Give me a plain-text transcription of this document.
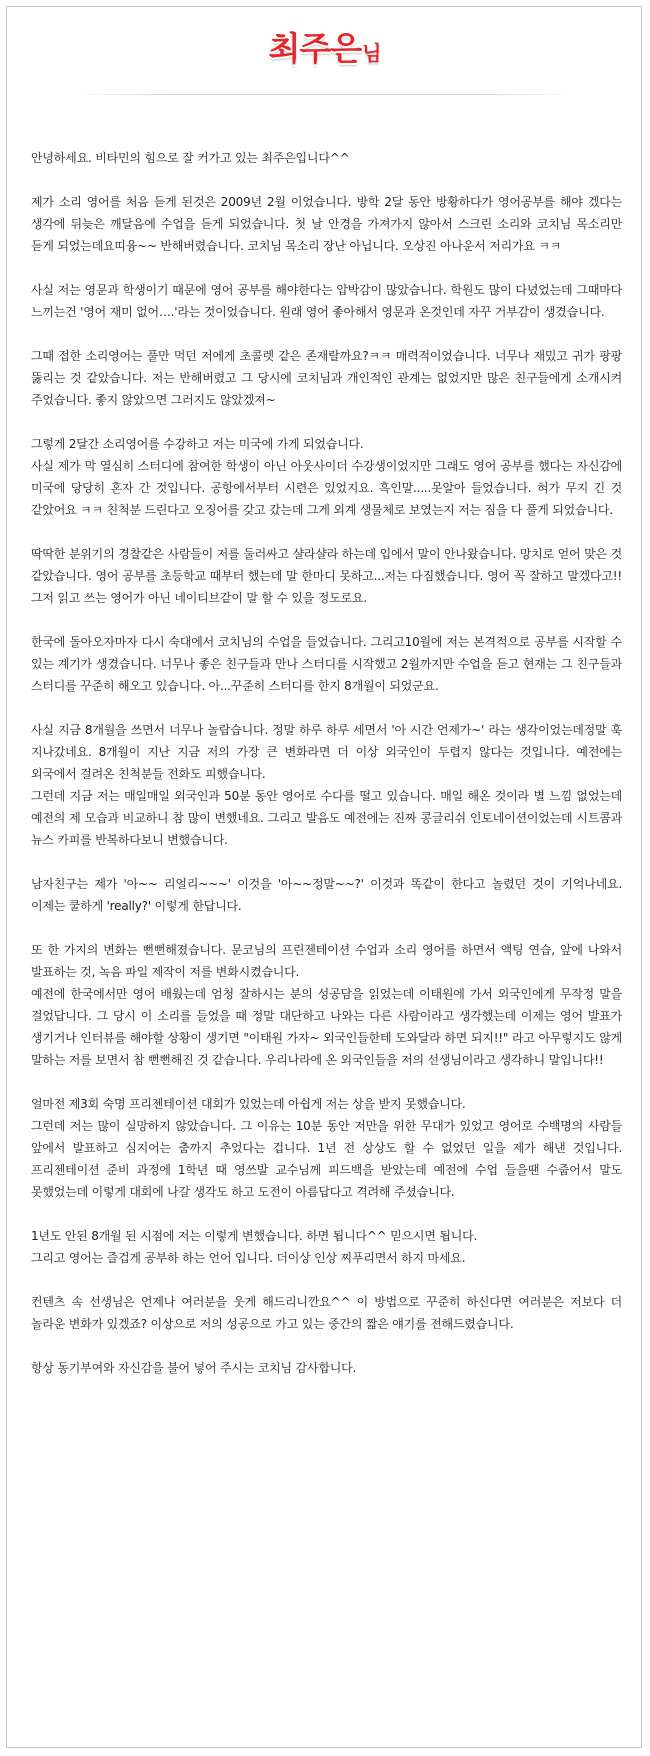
최주은님

안녕하세요. 비타민의 힘으로 잘 커가고 있는 최주은입니다^^

제가 소리 영어를 처음 듣게 된것은 2009년 2월 이었습니다. 방학 2달 동안 방황하다가 영어공부를 해야 겠다는 생각에 뒤늦은 깨달음에 수업을 듣게 되었습니다. 첫 날 안경을 가져가지 않아서 스크린 소리와 코치님 목소리만 듣게 되었는데요띠융~~ 반해버렸습니다. 코치님 목소리 장난 아닙니다. 오상진 아나운서 저리가요 ㅋㅋ

사실 저는 영문과 학생이기 때문에 영어 공부를 해야한다는 압박감이 많았습니다. 학원도 많이 다녔었는데 그때마다 느끼는건 '영어 재미 없어….'라는 것이었습니다. 원래 영어 좋아해서 영문과 온것인데 자꾸 거부감이 생겼습니다.

그때 접한 소리영어는 풀만 먹던 저에게 초콜렛 같은 존재랄까요?ㅋㅋ 매력적이었습니다. 너무나 재밌고 귀가 팡팡 뚫리는 것 같았습니다. 저는 반해버렸고 그 당시에 코치님과 개인적인 관계는 없었지만 많은 친구들에게 소개시켜 주었습니다. 좋지 않았으면 그러지도 않았겠져~

그렇게 2달간 소리영어를 수강하고 저는 미국에 가게 되었습니다.
사실 제가 막 열심히 스터디에 참여한 학생이 아닌 아웃사이더 수강생이었지만 그래도 영어 공부를 했다는 자신감에 미국에 당당히 혼자 간 것입니다. 공항에서부터 시련은 있었지요. 흑인말.....못알아 들었습니다. 혀가 무지 긴 것 같았어요 ㅋㅋ 친척분 드린다고 오징어를 갖고 갔는데 그게 외계 생물체로 보였는지 저는 짐을 다 풀게 되었습니다.

딱딱한 분위기의 경찰같은 사람들이 저를 둘러싸고 샬라샬라 하는데 입에서 말이 안나왔습니다. 망치로 얻어 맞은 것 같았습니다. 영어 공부를 초등학교 때부터 했는데 말 한마디 못하고...저는 다짐했습니다. 영어 꼭 잘하고 말겠다고!! 그저 읽고 쓰는 영어가 아닌 네이티브같이 말 할 수 있을 정도로요.

한국에 돌아오자마자 다시 숙대에서 코치님의 수업을 들었습니다. 그리고10월에 저는 본격적으로 공부를 시작할 수 있는 계기가 생겼습니다. 너무나 좋은 친구들과 만나 스터디를 시작했고 2월까지만 수업을 듣고 현재는 그 친구들과 스터디를 꾸준히 해오고 있습니다. 아...꾸준히 스터디를 한지 8개월이 되었군요.

사실 지금 8개월을 쓰면서 너무나 놀랍습니다. 정말 하루 하루 세면서 '아 시간 언제가~' 라는 생각이었는데정말 훅 지나갔네요. 8개월이 지난 지금 저의 가장 큰 변화라면 더 이상 외국인이 두렵지 않다는 것입니다. 예전에는 외국에서 걸려온 친척분들 전화도 피했습니다.
그런데 지금 저는 매일매일 외국인과 50분 동안 영어로 수다를 떨고 있습니다. 매일 해온 것이라 별 느낌 없었는데 예전의 제 모습과 비교하니 참 많이 변했네요. 그리고 발음도 예전에는 진짜 콩글리쉬 인토네이션이었는데 시트콤과 뉴스 카피를 반복하다보니 변했습니다.

남자친구는 제가 '아~~ 리얼리~~~' 이것을 '아~~정말~~?' 이것과 똑같이 한다고 놀렸던 것이 기억나네요. 이제는 쿨하게 'really?' 이렇게 한답니다.

또 한 가지의 변화는 뻔뻔해졌습니다. 문코님의 프린젠테이션 수업과 소리 영어를 하면서 액팅 연습, 앞에 나와서 발표하는 것, 녹음 파일 제작이 저를 변화시켰습니다.
예전에 한국에서만 영어 배웠는데 엄청 잘하시는 분의 성공담을 읽었는데 이태원에 가서 외국인에게 무작정 말을 걸었답니다. 그 당시 이 소리를 들었을 때 정말 대단하고 나와는 다른 사람이라고 생각했는데 이제는 영어 발표가 생기거나 인터뷰를 해야할 상황이 생기면 "이태원 가자~ 외국인들한테 도와달라 하면 되지!!" 라고 아무렇지도 않게 말하는 저를 보면서 참 뻔뻔해진 것 같습니다. 우리나라에 온 외국인들을 저의 선생님이라고 생각하니 말입니다!!

얼마전 제3회 숙명 프리젠테이션 대회가 있었는데 아쉽게 저는 상을 받지 못했습니다.
그런데 저는 많이 실망하지 않았습니다. 그 이유는 10분 동안 저만을 위한 무대가 있었고 영어로 수백명의 사람들 앞에서 발표하고 심지어는 춤까지 추었다는 겁니다. 1년 전 상상도 할 수 없었던 일을 제가 해낸 것입니다. 프리젠테이션 준비 과정에 1학년 때 영쓰발 교수님께 피드백을 받았는데 예전에 수업 들을땐 수줍어서 말도 못했었는데 이렇게 대회에 나갈 생각도 하고 도전이 아름답다고 격려해 주셨습니다.

1년도 안된 8개월 된 시점에 저는 이렇게 변했습니다. 하면 됩니다^^ 믿으시면 됩니다.
그리고 영어는 즐겁게 공부하 하는 언어 입니다. 더이상 인상 찌푸리면서 하지 마세요.

컨텐츠 속 선생님은 언제나 여러분을 웃게 해드리니깐요^^ 이 방법으로 꾸준히 하신다면 여러분은 저보다 더 놀라운 변화가 있겠죠? 이상으로 저의 성공으로 가고 있는 중간의 짧은 얘기를 전해드렸습니다.

항상 동기부여와 자신감을 불어 넣어 주시는 코치님 감사합니다.
